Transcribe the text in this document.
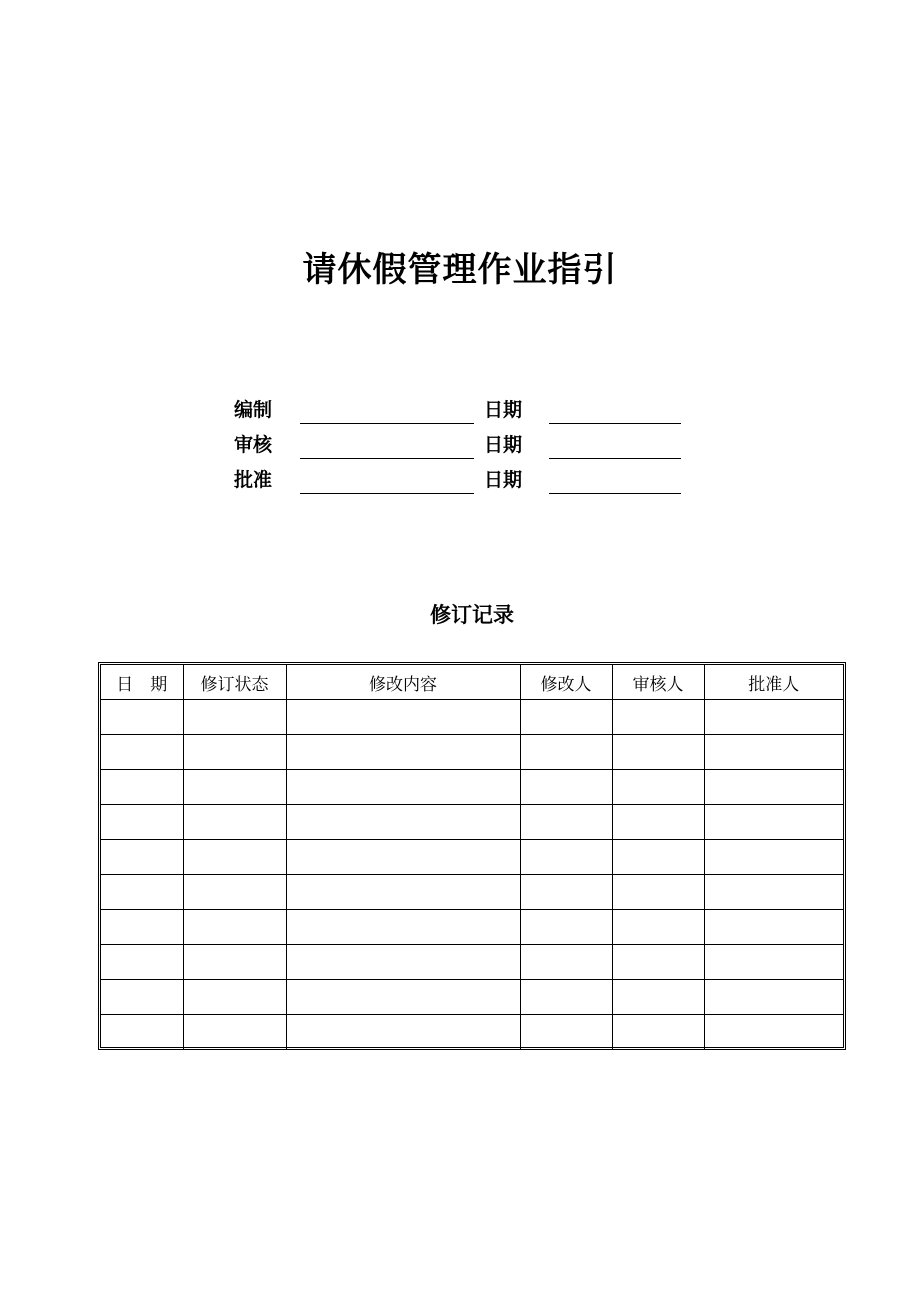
请休假管理作业指引
编制	日期
审核	日期
批准	日期
修订记录
日　期	修订状态	修改内容	修改人	审核人	批准人
